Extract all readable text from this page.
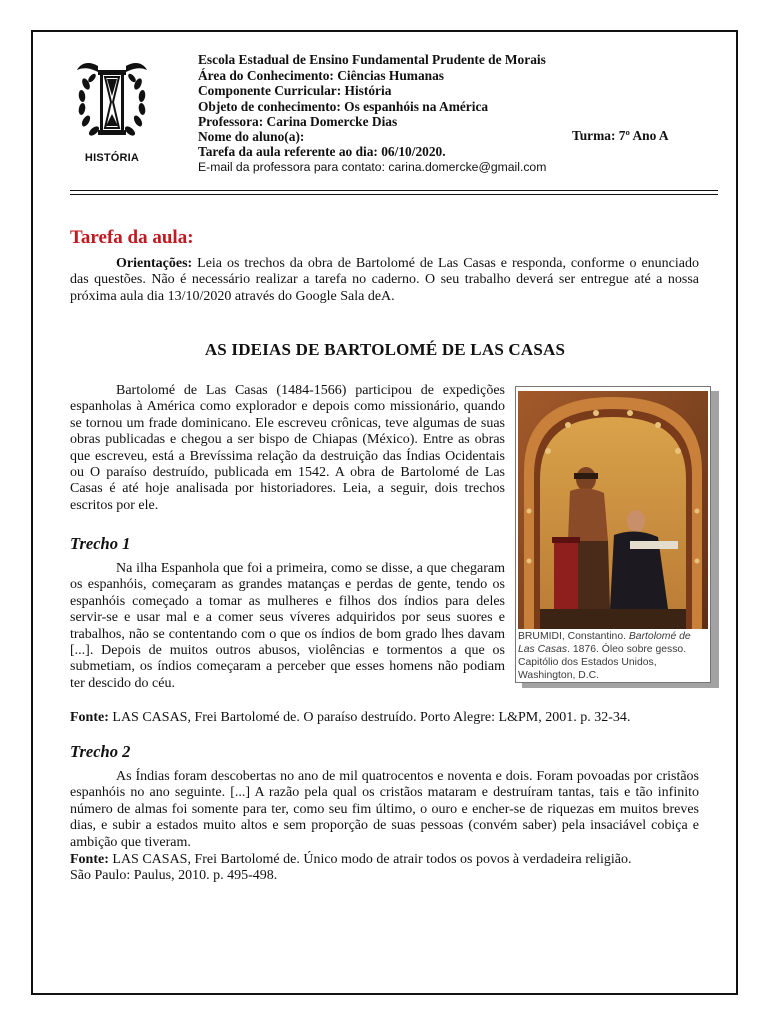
HISTÓRIA
Escola Estadual de Ensino Fundamental Prudente de Morais
Área do Conhecimento: Ciências Humanas
Componente Curricular: História
Objeto de conhecimento: Os espanhóis na América
Professora: Carina Domercke Dias
Nome do aluno(a):	Turma: 7º Ano A
Tarefa da aula referente ao dia: 06/10/2020.
E-mail da professora para contato: carina.domercke@gmail.com
Tarefa da aula:
Orientações: Leia os trechos da obra de Bartolomé de Las Casas e responda, conforme o enunciado das questões. Não é necessário realizar a tarefa no caderno. O seu trabalho deverá ser entregue até a nossa próxima aula dia 13/10/2020 através do Google Sala deA.
AS IDEIAS DE BARTOLOMÉ DE LAS CASAS
Bartolomé de Las Casas (1484-1566) participou de expedições espanholas à América como explorador e depois como missionário, quando se tornou um frade dominicano. Ele escreveu crônicas, teve algumas de suas obras publicadas e chegou a ser bispo de Chiapas (México). Entre as obras que escreveu, está a Brevíssima relação da destruição das Índias Ocidentais ou O paraíso destruído, publicada em 1542. A obra de Bartolomé de Las Casas é até hoje analisada por historiadores. Leia, a seguir, dois trechos escritos por ele.
Trecho 1
Na ilha Espanhola que foi a primeira, como se disse, a que chegaram os espanhóis, começaram as grandes matanças e perdas de gente, tendo os espanhóis começado a tomar as mulheres e filhos dos índios para deles servir-se e usar mal e a comer seus víveres adquiridos por seus suores e trabalhos, não se contentando com o que os índios de bom grado lhes davam [...]. Depois de muitos outros abusos, violências e tormentos a que os submetiam, os índios começaram a perceber que esses homens não podiam ter descido do céu.
Fonte: LAS CASAS, Frei Bartolomé de. O paraíso destruído. Porto Alegre: L&PM, 2001. p. 32-34.
Trecho 2
As Índias foram descobertas no ano de mil quatrocentos e noventa e dois. Foram povoadas por cristãos espanhóis no ano seguinte. [...] A razão pela qual os cristãos mataram e destruíram tantas, tais e tão infinito número de almas foi somente para ter, como seu fim último, o ouro e encher-se de riquezas em muitos breves dias, e subir a estados muito altos e sem proporção de suas pessoas (convém saber) pela insaciável cobiça e ambição que tiveram.
Fonte: LAS CASAS, Frei Bartolomé de. Único modo de atrair todos os povos à verdadeira religião.
São Paulo: Paulus, 2010. p. 495-498.
BRUMIDI, Constantino. Bartolomé de Las Casas. 1876. Óleo sobre gesso. Capitólio dos Estados Unidos, Washington, D.C.
